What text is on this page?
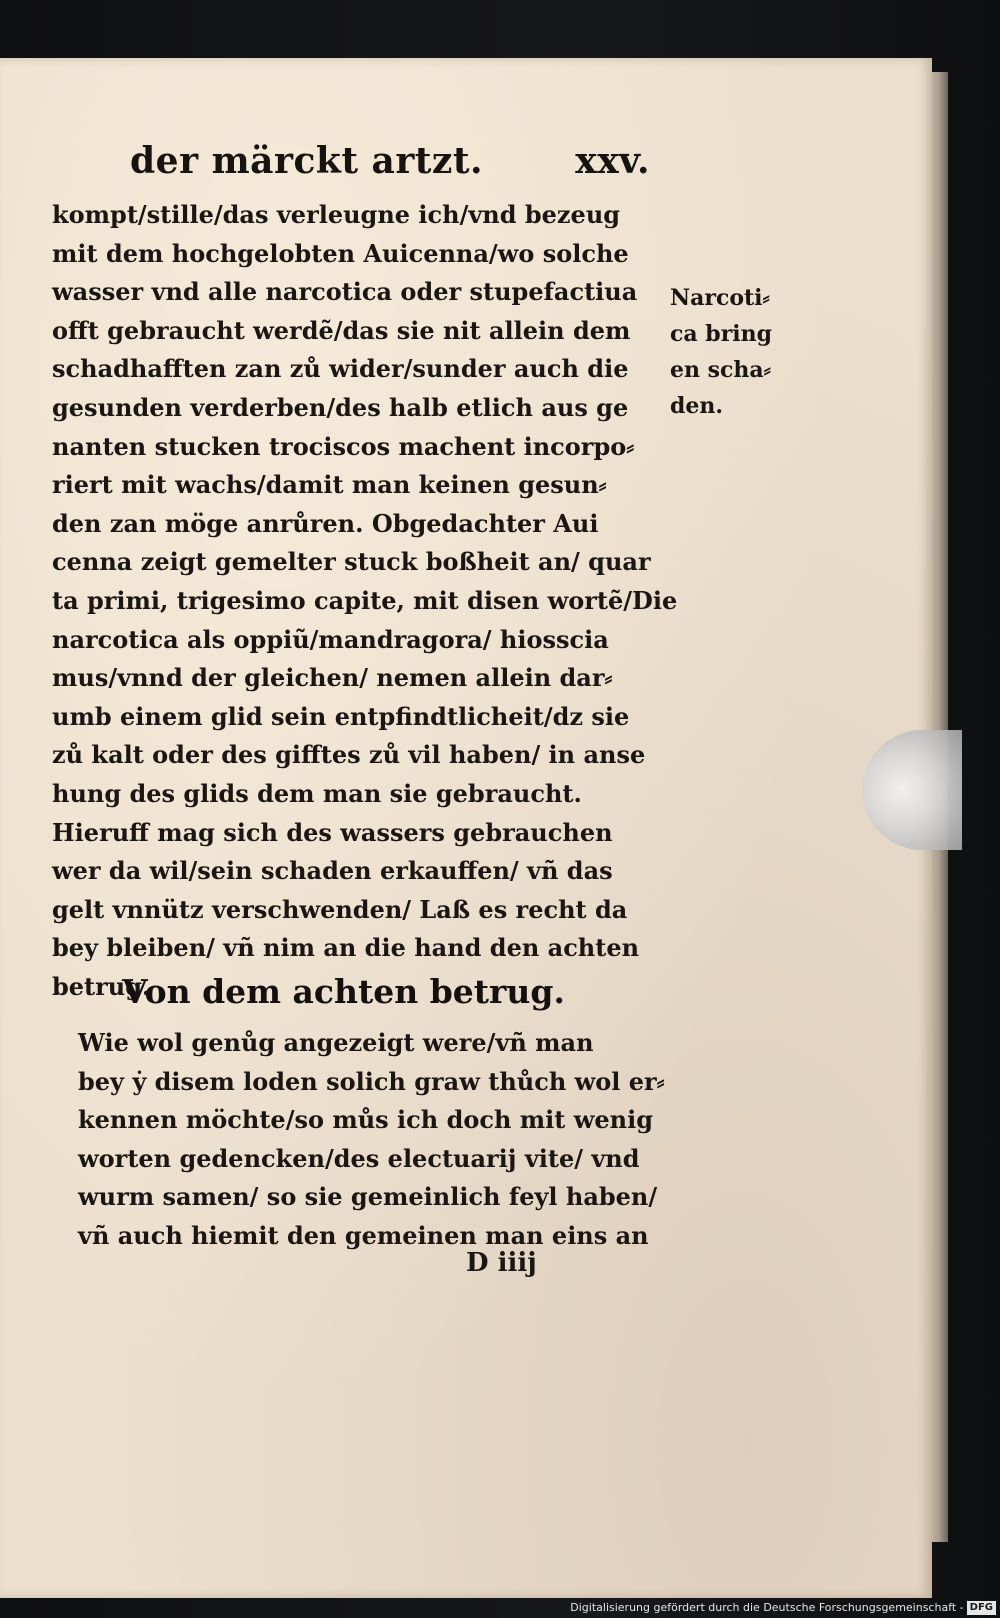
der märckt artzt.	xxv.
kompt/stille/das verleugne ich/vnd bezeug
mit dem hochgelobten Auicenna/wo solche
wasser vnd alle narcotica oder stupefactiua
offt gebraucht werdẽ/das sie nit allein dem
schadhafften zan zů wider/sunder auch die
gesunden verderben/des halb etlich aus ge
nanten stucken trociscos machent incorpo⸗
riert mit wachs/damit man keinen gesun⸗
den zan möge anrůren. Obgedachter Aui
cenna zeigt gemelter stuck boßheit an/ quar
ta primi, trigesimo capite, mit disen wortẽ/Die
narcotica als oppiũ/mandragora/ hiosscia
mus/vnnd der gleichen/ nemen allein dar⸗
umb einem glid sein entpfindtlicheit/dz sie
zů kalt oder des gifftes zů vil haben/ in anse
hung des glids dem man sie gebraucht.
Hieruff mag sich des wassers gebrauchen
wer da wil/sein schaden erkauffen/ vñ das
gelt vnnütz verschwenden/ Laß es recht da
bey bleiben/ vñ nim an die hand den achten
betrug.
Narcoti⸗
ca bring
en scha⸗
den.
Von dem achten betrug.
Wie wol genůg angezeigt were/vñ man
bey ẏ disem loden solich graw thůch wol er⸗
kennen möchte/so můs ich doch mit wenig
worten gedencken/des electuarij vite/ vnd
wurm samen/ so sie gemeinlich feyl haben/
vñ auch hiemit den gemeinen man eins an
D iiij
Digitalisierung gefördert durch die Deutsche Forschungsgemeinschaft - DFG
